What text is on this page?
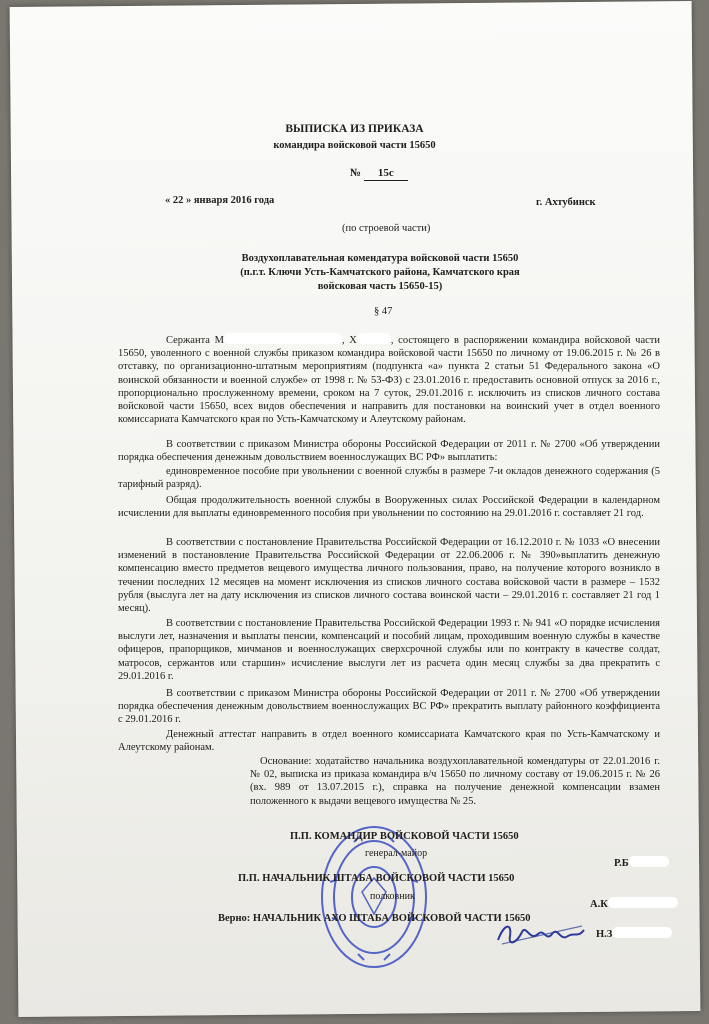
ВЫПИСКА ИЗ ПРИКАЗА
командира войсковой части 15650
№ 15с
« 22 » января 2016 года	г. Ахтубинск
(по строевой части)
Воздухоплавательная комендатура войсковой части 15650
(п.г.т. Ключи Усть-Камчатского района, Камчатского края
войсковая часть 15650-15)
§ 47
Сержанта М	, Х	, состоящего в распоряжении командира войсковой части 15650, уволенного с военной службы приказом командира войсковой части 15650 по личному от 19.06.2015 г. № 26 в отставку, по организационно-штатным мероприятиям (подпункта «а» пункта 2 статьи 51 Федерального закона «О воинской обязанности и военной службе» от 1998 г. № 53-ФЗ) с 23.01.2016 г. предоставить основной отпуск за 2016 г., пропорционально прослуженному времени, сроком на 7 суток, 29.01.2016 г. исключить из списков личного состава войсковой части 15650, всех видов обеспечения и направить для постановки на воинский учет в отдел военного комиссариата Камчатского края по Усть-Камчатскому и Алеутскому районам.
В соответствии с приказом Министра обороны Российской Федерации от 2011 г. № 2700 «Об утверждении порядка обеспечения денежным довольствием военнослужащих ВС РФ» выплатить:
единовременное пособие при увольнении с военной службы в размере 7-и окладов денежного содержания (5 тарифный разряд).
Общая продолжительность военной службы в Вооруженных силах Российской Федерации в календарном исчислении для выплаты единовременного пособия при увольнении по состоянию на 29.01.2016 г. составляет 21 год.
В соответствии с постановление Правительства Российской Федерации от 16.12.2010 г. № 1033 «О внесении изменений в постановление Правительства Российской Федерации от 22.06.2006 г. № 390»выплатить денежную компенсацию вместо предметов вещевого имущества личного пользования, право, на получение которого возникло в течении последних 12 месяцев на момент исключения из списков личного состава войсковой части в размере – 1532 рубля (выслуга лет на дату исключения из списков личного состава воинской части – 29.01.2016 г. составляет 21 год 1 месяц).
В соответствии с постановление Правительства Российской Федерации 1993 г. № 941 «О порядке исчисления выслуги лет, назначения и выплаты пенсии, компенсаций и пособий лицам, проходившим военную службы в качестве офицеров, прапорщиков, мичманов и военнослужащих сверхсрочной службы или по контракту в качестве солдат, матросов, сержантов или старшин» исчисление выслуги лет из расчета один месяц службы за два прекратить с 29.01.2016 г.
В соответствии с приказом Министра обороны Российской Федерации от 2011 г. № 2700 «Об утверждении порядка обеспечения денежным довольствием военнослужащих ВС РФ» прекратить выплату районного коэффициента с 29.01.2016 г.
Денежный аттестат направить в отдел военного комиссариата Камчатского края по Усть-Камчатскому и Алеутскому районам.
Основание: ходатайство начальника воздухоплавательной комендатуры от 22.01.2016 г. № 02, выписка из приказа командира в/ч 15650 по личному составу от 19.06.2015 г. № 26 (вх. 989 от 13.07.2015 г.), справка на получение денежной компенсации взамен положенного к выдачи вещевого имущества № 25.
П.П. КОМАНДИР ВОЙСКОВОЙ ЧАСТИ 15650
генерал-майор
Р.Б
П.П. НАЧАЛЬНИК ШТАБА ВОЙСКОВОЙ ЧАСТИ 15650
полковник
А.К
Верно: НАЧАЛЬНИК АХО ШТАБА ВОЙСКОВОЙ ЧАСТИ 15650
Н.З
